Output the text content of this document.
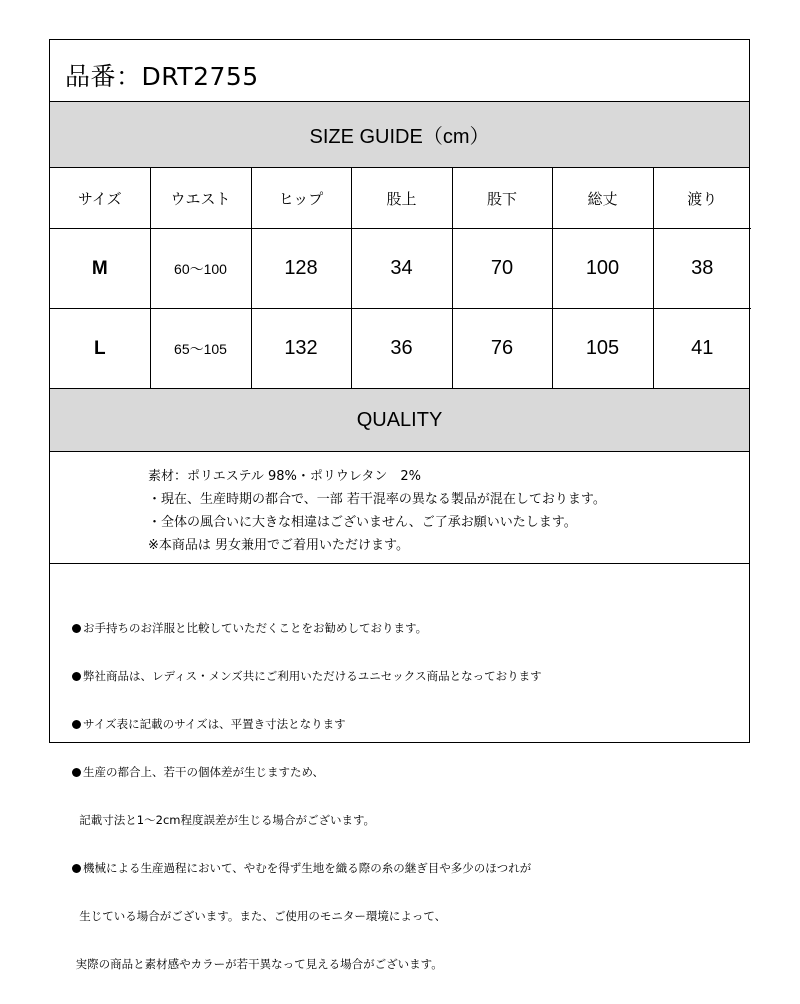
品番：DRT2755
SIZE GUIDE（cm）
サイズ	ウエスト	ヒップ	股上	股下	総丈	渡り
M	60～100	128	34	70	100	38
L	65～105	132	36	76	105	41
QUALITY
素材：ポリエステル 98%・ポリウレタン　2%
・現在、生産時期の都合で、一部 若干混率の異なる製品が混在しております。
・全体の風合いに大きな相違はございません、ご了承お願いいたします。
※本商品は 男女兼用でご着用いただけます。

お手持ちのお洋服と比較していただくことをお勧めしております。

弊社商品は、レディス・メンズ共にご利用いただけるユニセックス商品となっております

サイズ表に記載のサイズは、平置き寸法となります

生産の都合上、若干の個体差が生じますため、

記載寸法と1～2cm程度誤差が生じる場合がございます。

機械による生産過程において、やむを得ず生地を織る際の糸の継ぎ目や多少のほつれが

生じている場合がございます。また、ご使用のモニター環境によって、

実際の商品と素材感やカラーが若干異なって見える場合がございます。
